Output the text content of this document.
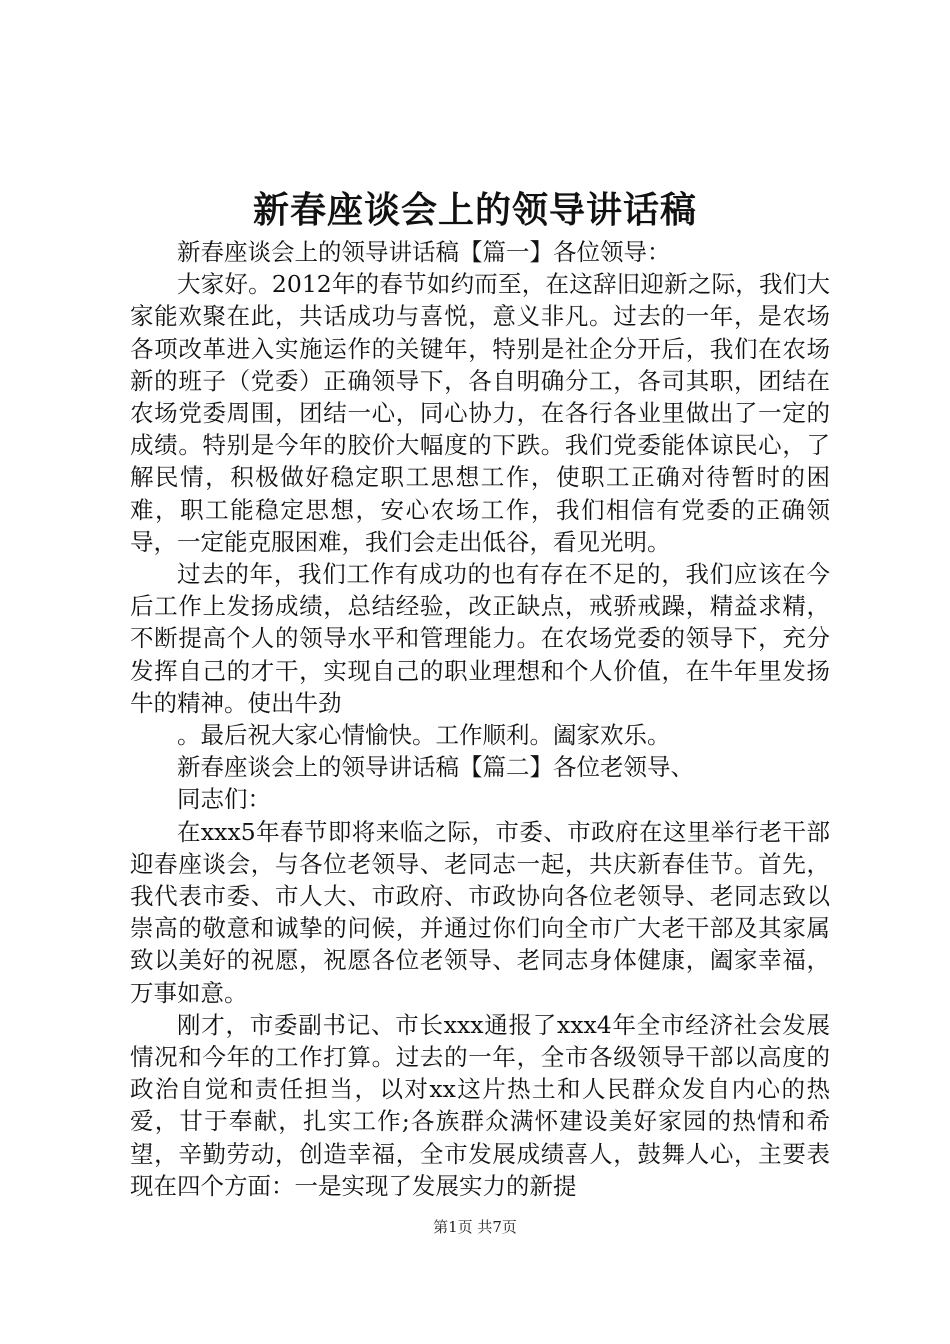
新春座谈会上的领导讲话稿

新春座谈会上的领导讲话稿【篇一】各位领导：

大家好。2012年的春节如约而至，在这辞旧迎新之际，我们大家能欢聚在此，共话成功与喜悦，意义非凡。过去的一年，是农场各项改革进入实施运作的关键年，特别是社企分开后，我们在农场新的班子（党委）正确领导下，各自明确分工，各司其职，团结在农场党委周围，团结一心，同心协力，在各行各业里做出了一定的成绩。特别是今年的胶价大幅度的下跌。我们党委能体谅民心，了解民情，积极做好稳定职工思想工作，使职工正确对待暂时的困难，职工能稳定思想，安心农场工作，我们相信有党委的正确领导，一定能克服困难，我们会走出低谷，看见光明。

过去的年，我们工作有成功的也有存在不足的，我们应该在今后工作上发扬成绩，总结经验，改正缺点，戒骄戒躁，精益求精，不断提高个人的领导水平和管理能力。在农场党委的领导下，充分发挥自己的才干，实现自己的职业理想和个人价值，在牛年里发扬牛的精神。使出牛劲

。最后祝大家心情愉快。工作顺利。阖家欢乐。

新春座谈会上的领导讲话稿【篇二】各位老领导、

同志们：

在xxx5年春节即将来临之际，市委、市政府在这里举行老干部迎春座谈会，与各位老领导、老同志一起，共庆新春佳节。首先，我代表市委、市人大、市政府、市政协向各位老领导、老同志致以崇高的敬意和诚挚的问候，并通过你们向全市广大老干部及其家属致以美好的祝愿，祝愿各位老领导、老同志身体健康，阖家幸福，万事如意。

刚才，市委副书记、市长xxx通报了xxx4年全市经济社会发展情况和今年的工作打算。过去的一年，全市各级领导干部以高度的政治自觉和责任担当，以对xx这片热土和人民群众发自内心的热爱，甘于奉献，扎实工作;各族群众满怀建设美好家园的热情和希望，辛勤劳动，创造幸福，全市发展成绩喜人，鼓舞人心，主要表现在四个方面：一是实现了发展实力的新提

第1页 共7页
